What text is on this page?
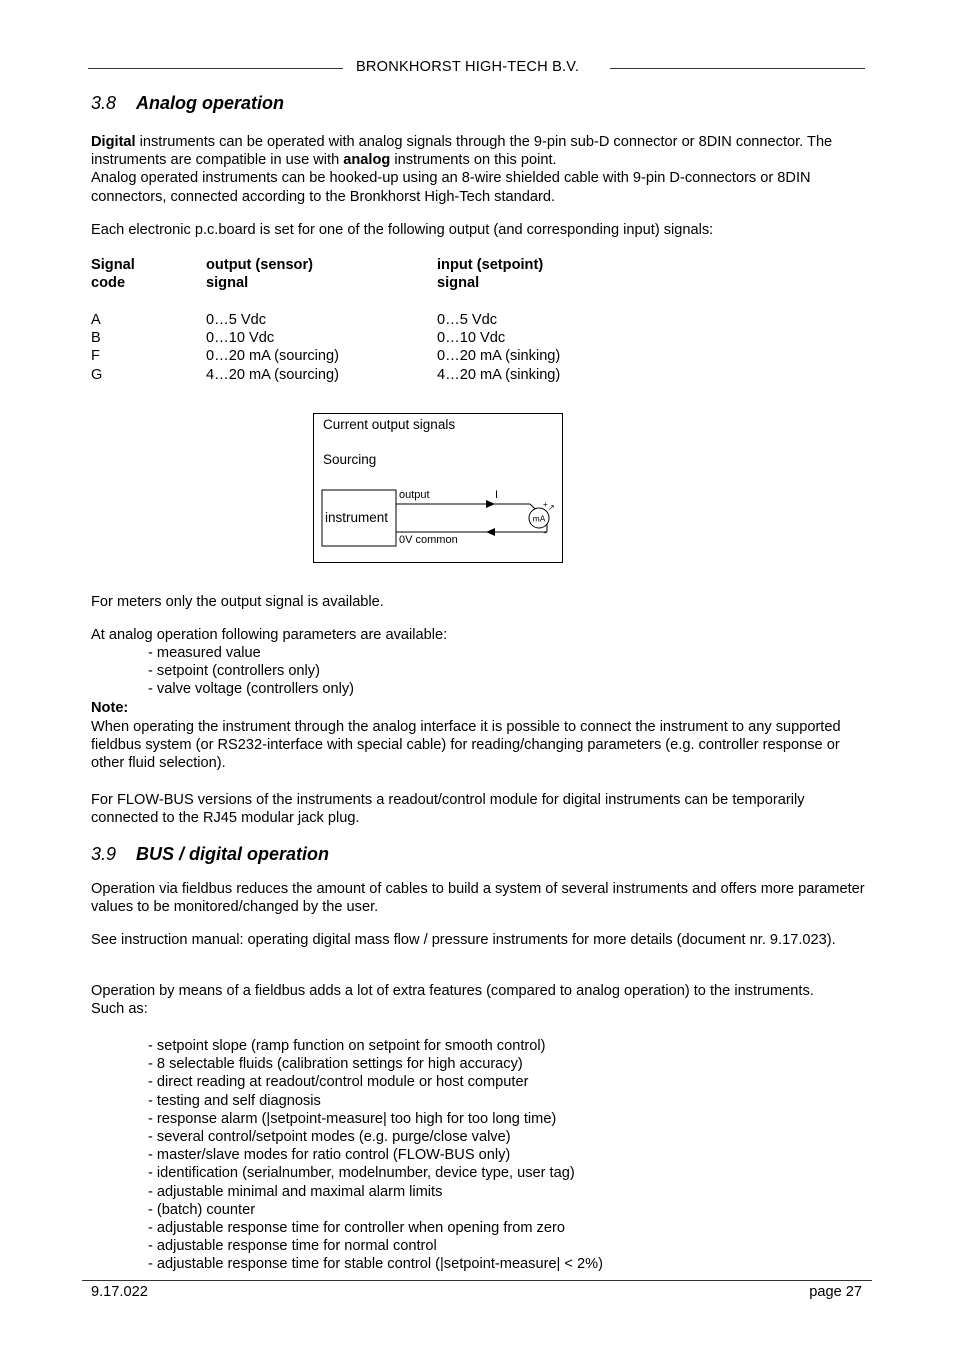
BRONKHORST HIGH-TECH B.V.
3.8 Analog operation

Digital instruments can be operated with analog signals through the 9-pin sub-D connector or 8DIN connector. The instruments are compatible in use with analog instruments on this point.
Analog operated instruments can be hooked-up using an 8-wire shielded cable with 9-pin D-connectors or 8DIN connectors, connected according to the Bronkhorst High-Tech standard.

Each electronic p.c.board is set for one of the following output (and corresponding input) signals:

Signal
code
output (sensor)
signal
input (setpoint)
signal
A
B
F
G
0…5 Vdc
0…10 Vdc
0…20 mA (sourcing)
4…20 mA (sourcing)
0…5 Vdc
0…10 Vdc
0…20 mA (sinking)
4…20 mA (sinking)
mA
+ ↗
-
Current output signals
Sourcing
instrument
output	I
0V common

For meters only the output signal is available.

At analog operation following parameters are available:

- measured value
- setpoint (controllers only)
- valve voltage (controllers only)

Note:

When operating the instrument through the analog interface it is possible to connect the instrument to any supported fieldbus system (or RS232-interface with special cable) for reading/changing parameters (e.g. controller response or other fluid selection).

For FLOW-BUS versions of the instruments a readout/control module for digital instruments can be temporarily connected to the RJ45 modular jack plug.

3.9 BUS / digital operation

Operation via fieldbus reduces the amount of cables to build a system of several instruments and offers more parameter values to be monitored/changed by the user.

See instruction manual: operating digital mass flow / pressure instruments for more details (document nr. 9.17.023).

Operation by means of a fieldbus adds a lot of extra features (compared to analog operation) to the instruments.
Such as:

- setpoint slope (ramp function on setpoint for smooth control)
- 8 selectable fluids (calibration settings for high accuracy)
- direct reading at readout/control module or host computer
- testing and self diagnosis
- response alarm (|setpoint-measure| too high for too long time)
- several control/setpoint modes (e.g. purge/close valve)
- master/slave modes for ratio control (FLOW-BUS only)
- identification (serialnumber, modelnumber, device type, user tag)
- adjustable minimal and maximal alarm limits
- (batch) counter
- adjustable response time for controller when opening from zero
- adjustable response time for normal control
- adjustable response time for stable control (|setpoint-measure| < 2%)
9.17.022	page 27
